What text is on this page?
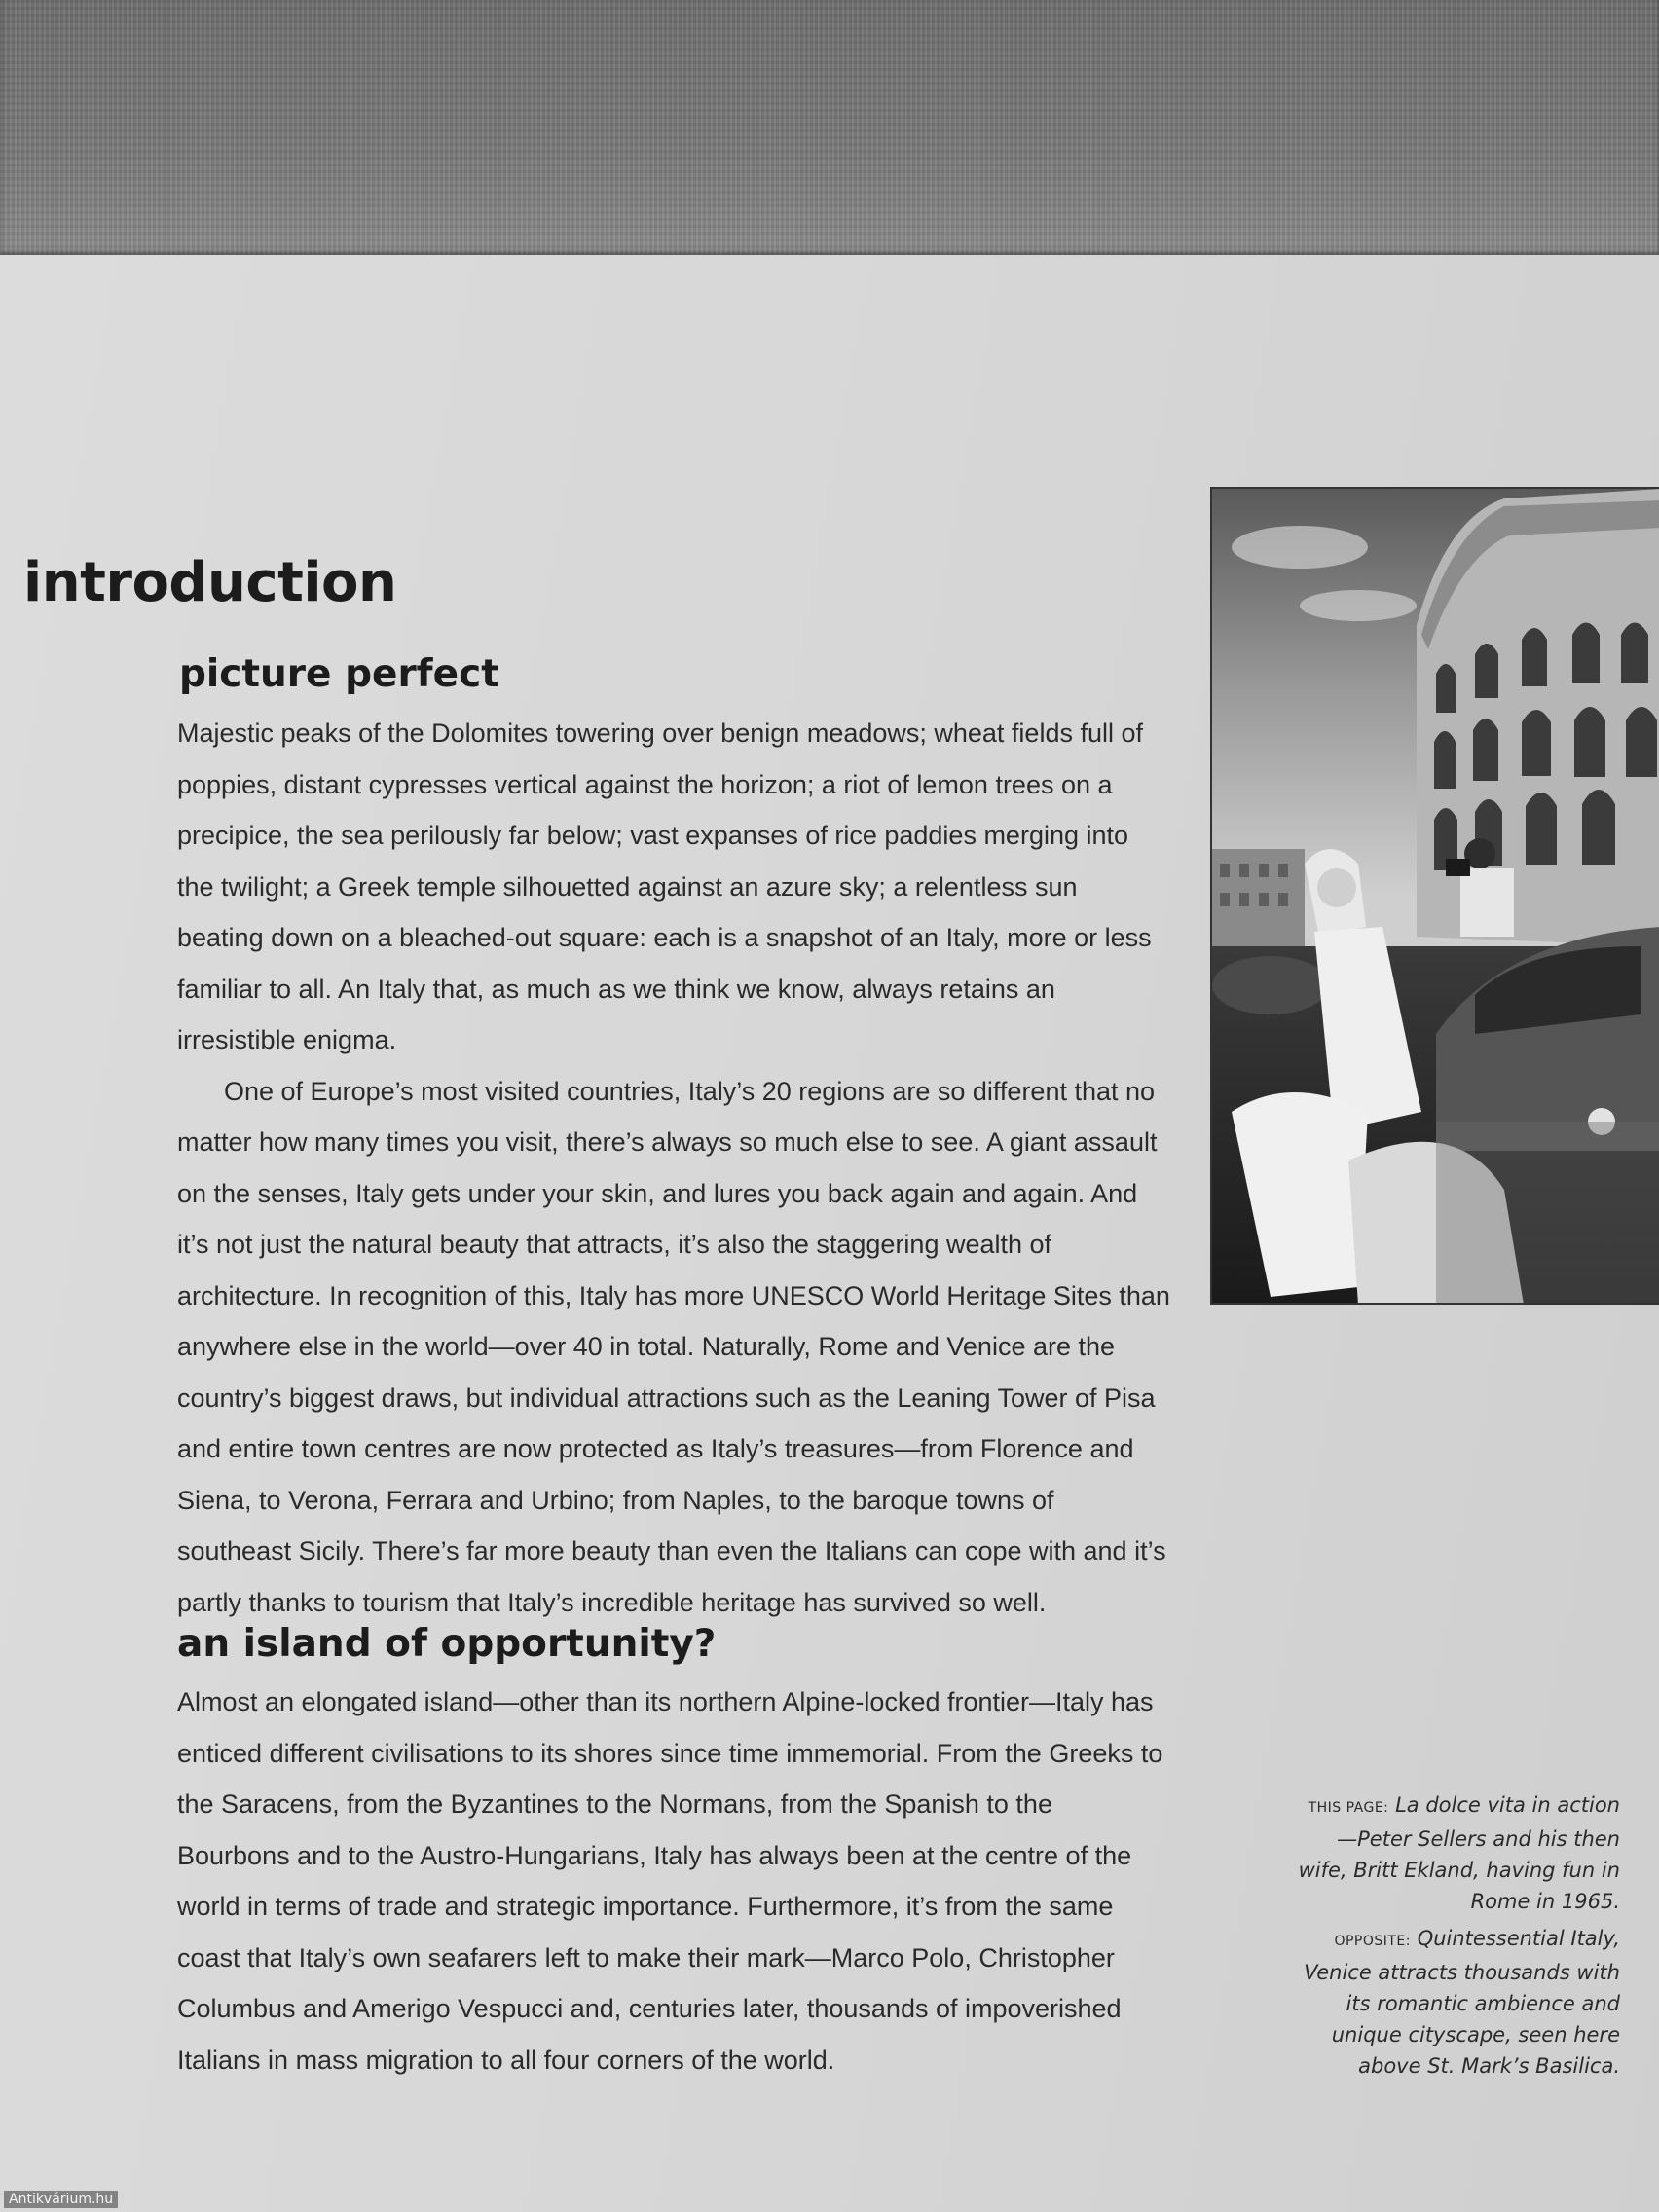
introduction
picture perfect

Majestic peaks of the Dolomites towering over benign meadows; wheat fields full of poppies, distant cypresses vertical against the horizon; a riot of lemon trees on a precipice, the sea perilously far below; vast expanses of rice paddies merging into the twilight; a Greek temple silhouetted against an azure sky; a relentless sun beating down on a bleached-out square: each is a snapshot of an Italy, more or less familiar to all. An Italy that, as much as we think we know, always retains an irresistible enigma.

One of Europe’s most visited countries, Italy’s 20 regions are so different that no matter how many times you visit, there’s always so much else to see. A giant assault on the senses, Italy gets under your skin, and lures you back again and again. And it’s not just the natural beauty that attracts, it’s also the staggering wealth of architecture. In recognition of this, Italy has more UNESCO World Heritage Sites than anywhere else in the world—over 40 in total. Naturally, Rome and Venice are the country’s biggest draws, but individual attractions such as the Leaning Tower of Pisa and entire town centres are now protected as Italy’s treasures—from Florence and Siena, to Verona, Ferrara and Urbino; from Naples, to the baroque towns of southeast Sicily. There’s far more beauty than even the Italians can cope with and it’s partly thanks to tourism that Italy’s incredible heritage has survived so well.

an island of opportunity?

Almost an elongated island—other than its northern Alpine-locked frontier—Italy has enticed different civilisations to its shores since time immemorial. From the Greeks to the Saracens, from the Byzantines to the Normans, from the Spanish to the Bourbons and to the Austro-Hungarians, Italy has always been at the centre of the world in terms of trade and strategic importance. Furthermore, it’s from the same coast that Italy’s own seafarers left to make their mark—Marco Polo, Christopher Columbus and Amerigo Vespucci and, centuries later, thousands of impoverished Italians in mass migration to all four corners of the world.

THIS PAGE: La dolce vita in action—Peter Sellers and his then wife, Britt Ekland, having fun in Rome in 1965.

OPPOSITE: Quintessential Italy, Venice attracts thousands with its romantic ambience and unique cityscape, seen here above St. Mark’s Basilica.

Antikvárium.hu
